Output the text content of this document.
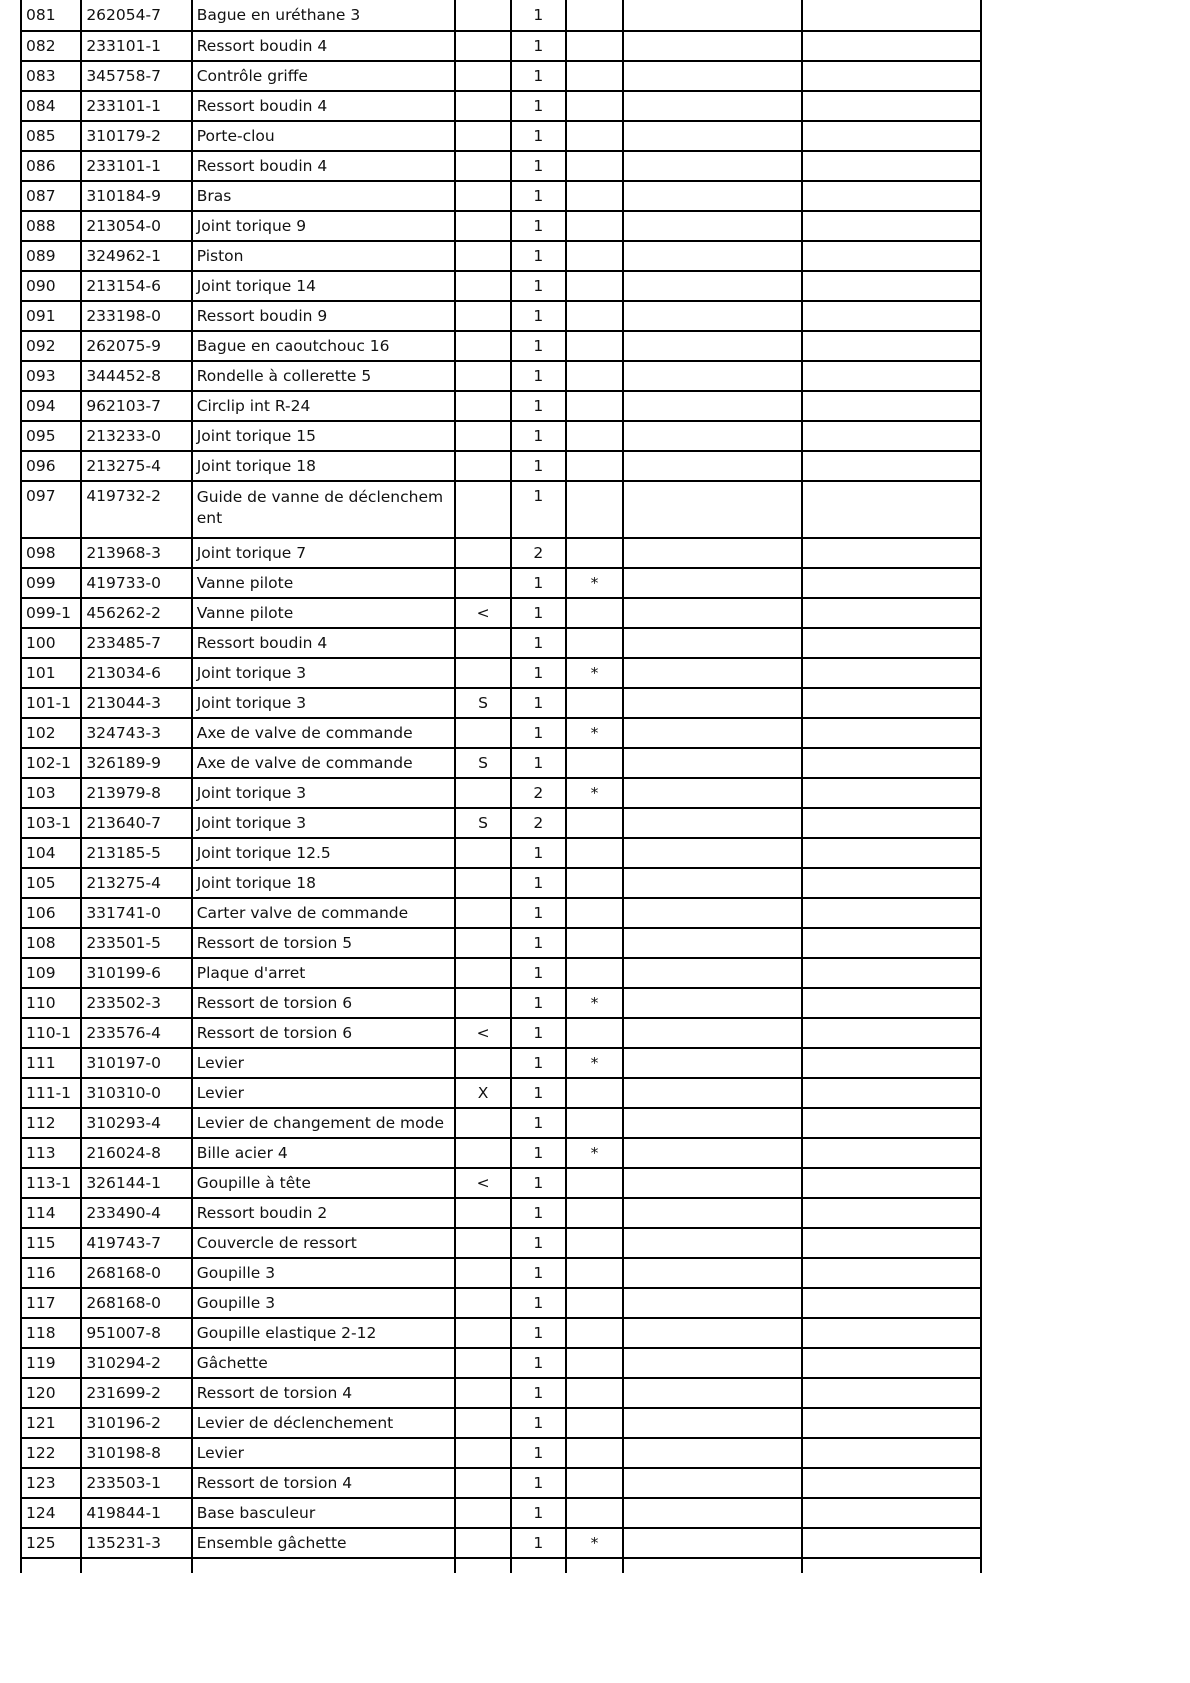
081	262054-7	Bague en uréthane 3		1			
082	233101-1	Ressort boudin 4		1			
083	345758-7	Contrôle griffe		1			
084	233101-1	Ressort boudin 4		1			
085	310179-2	Porte-clou		1			
086	233101-1	Ressort boudin 4		1			
087	310184-9	Bras		1			
088	213054-0	Joint torique 9		1			
089	324962-1	Piston		1			
090	213154-6	Joint torique 14		1			
091	233198-0	Ressort boudin 9		1			
092	262075-9	Bague en caoutchouc 16		1			
093	344452-8	Rondelle à collerette 5		1			
094	962103-7	Circlip int R-24		1			
095	213233-0	Joint torique 15		1			
096	213275-4	Joint torique 18		1			
097	419732-2	Guide de vanne de déclenchement		1			
098	213968-3	Joint torique 7		2			
099	419733-0	Vanne pilote		1	*		
099-1	456262-2	Vanne pilote	<	1			
100	233485-7	Ressort boudin 4		1			
101	213034-6	Joint torique 3		1	*		
101-1	213044-3	Joint torique 3	S	1			
102	324743-3	Axe de valve de commande		1	*		
102-1	326189-9	Axe de valve de commande	S	1			
103	213979-8	Joint torique 3		2	*		
103-1	213640-7	Joint torique 3	S	2			
104	213185-5	Joint torique 12.5		1			
105	213275-4	Joint torique 18		1			
106	331741-0	Carter valve de commande		1			
108	233501-5	Ressort de torsion 5		1			
109	310199-6	Plaque d'arret		1			
110	233502-3	Ressort de torsion 6		1	*		
110-1	233576-4	Ressort de torsion 6	<	1			
111	310197-0	Levier		1	*		
111-1	310310-0	Levier	X	1			
112	310293-4	Levier de changement de mode		1			
113	216024-8	Bille acier 4		1	*		
113-1	326144-1	Goupille à tête	<	1			
114	233490-4	Ressort boudin 2		1			
115	419743-7	Couvercle de ressort		1			
116	268168-0	Goupille 3		1			
117	268168-0	Goupille 3		1			
118	951007-8	Goupille elastique 2-12		1			
119	310294-2	Gâchette		1			
120	231699-2	Ressort de torsion 4		1			
121	310196-2	Levier de déclenchement		1			
122	310198-8	Levier		1			
123	233503-1	Ressort de torsion 4		1			
124	419844-1	Base basculeur		1			
125	135231-3	Ensemble gâchette		1	*		
